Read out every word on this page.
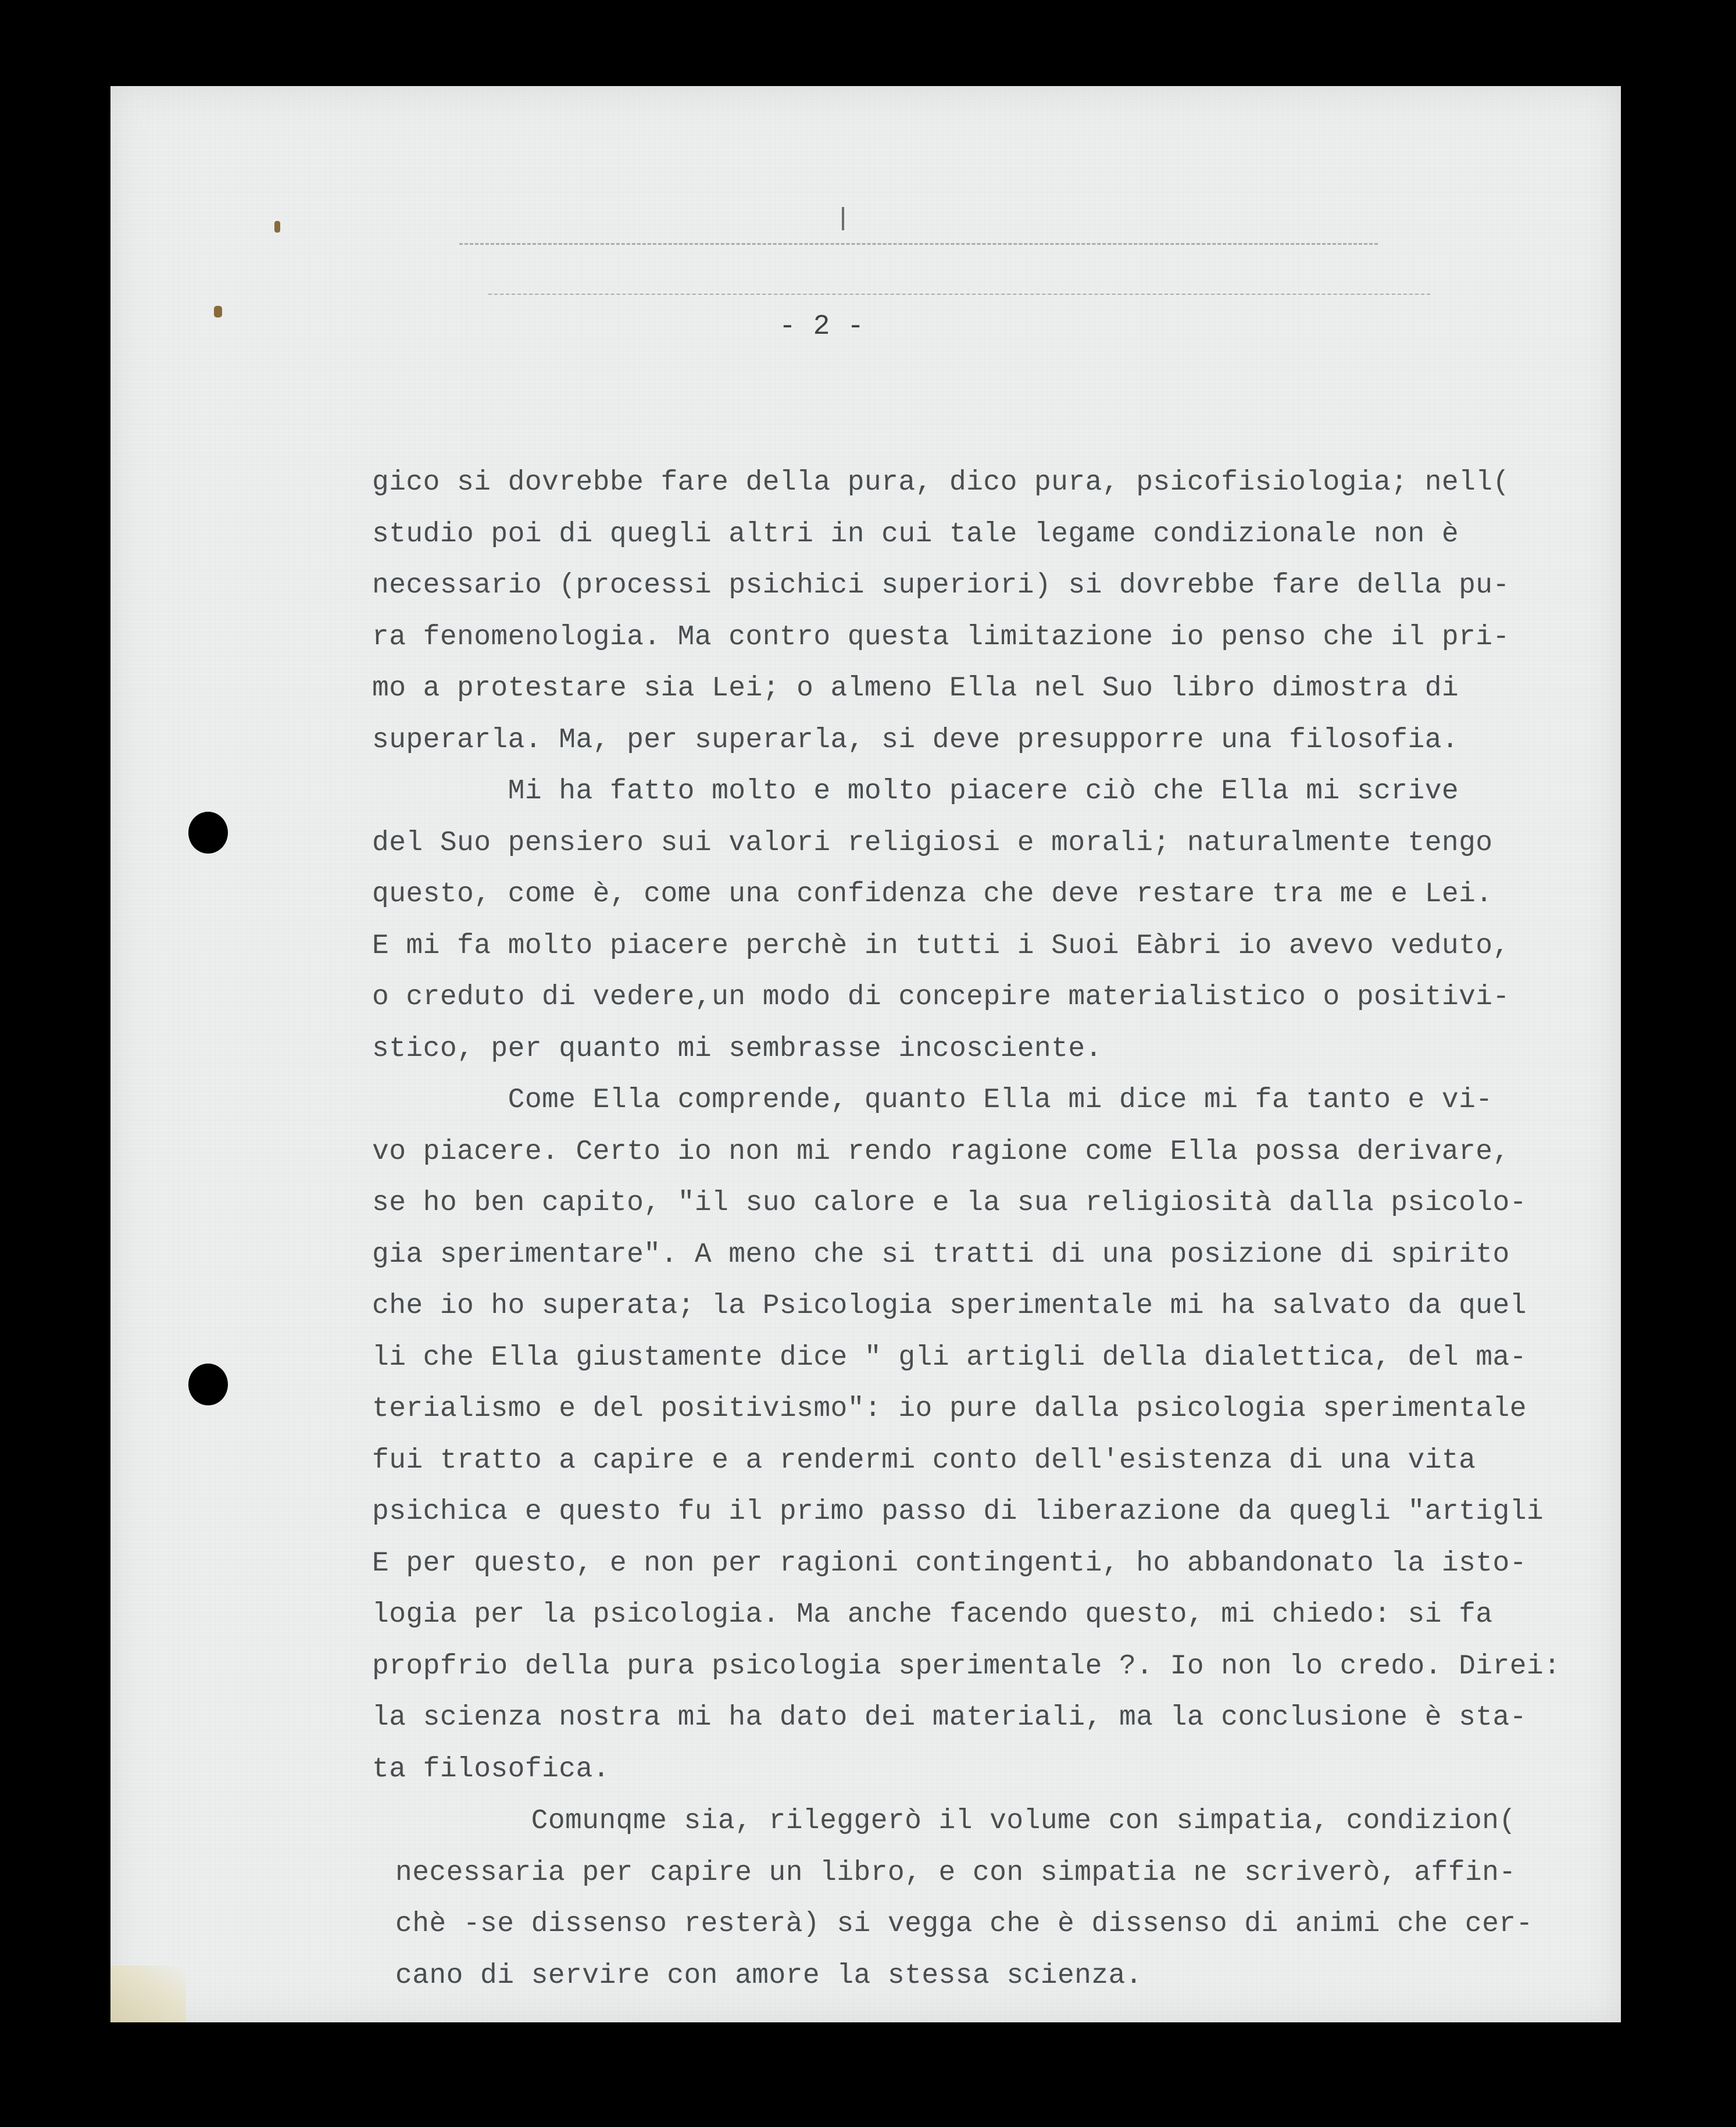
- 2 -
gico si dovrebbe fare della pura, dico pura, psicofisiologia; nell(
studio poi di quegli altri in cui tale legame condizionale non è
necessario (processi psichici superiori) si dovrebbe fare della pu-
ra fenomenologia. Ma contro questa limitazione io penso che il pri-
mo a protestare sia Lei; o almeno Ella nel Suo libro dimostra di
superarla. Ma, per superarla, si deve presupporre una filosofia.
Mi ha fatto molto e molto piacere ciò che Ella mi scrive
del Suo pensiero sui valori religiosi e morali; naturalmente tengo
questo, come è, come una confidenza che deve restare tra me e Lei.
E mi fa molto piacere perchè in tutti i Suoi Eàbri io avevo veduto,
o creduto di vedere,un modo di concepire materialistico o positivi-
stico, per quanto mi sembrasse incosciente.
Come Ella comprende, quanto Ella mi dice mi fa tanto e vi-
vo piacere. Certo io non mi rendo ragione come Ella possa derivare,
se ho ben capito, "il suo calore e la sua religiosità dalla psicolo-
gia sperimentare". A meno che si tratti di una posizione di spirito
che io ho superata; la Psicologia sperimentale mi ha salvato da quel
li che Ella giustamente dice " gli artigli della dialettica, del ma-
terialismo e del positivismo": io pure dalla psicologia sperimentale
fui tratto a capire e a rendermi conto dell'esistenza di una vita
psichica e questo fu il primo passo di liberazione da quegli "artigli
E per questo, e non per ragioni contingenti, ho abbandonato la isto-
logia per la psicologia. Ma anche facendo questo, mi chiedo: si fa
propfrio della pura psicologia sperimentale ?. Io non lo credo. Direi:
la scienza nostra mi ha dato dei materiali, ma la conclusione è sta-
ta filosofica.
Comunqme sia, rileggerò il volume con simpatia, condizion(
necessaria per capire un libro, e con simpatia ne scriverò, affin-
chè -se dissenso resterà) si vegga che è dissenso di animi che cer-
cano di servire con amore la stessa scienza.
